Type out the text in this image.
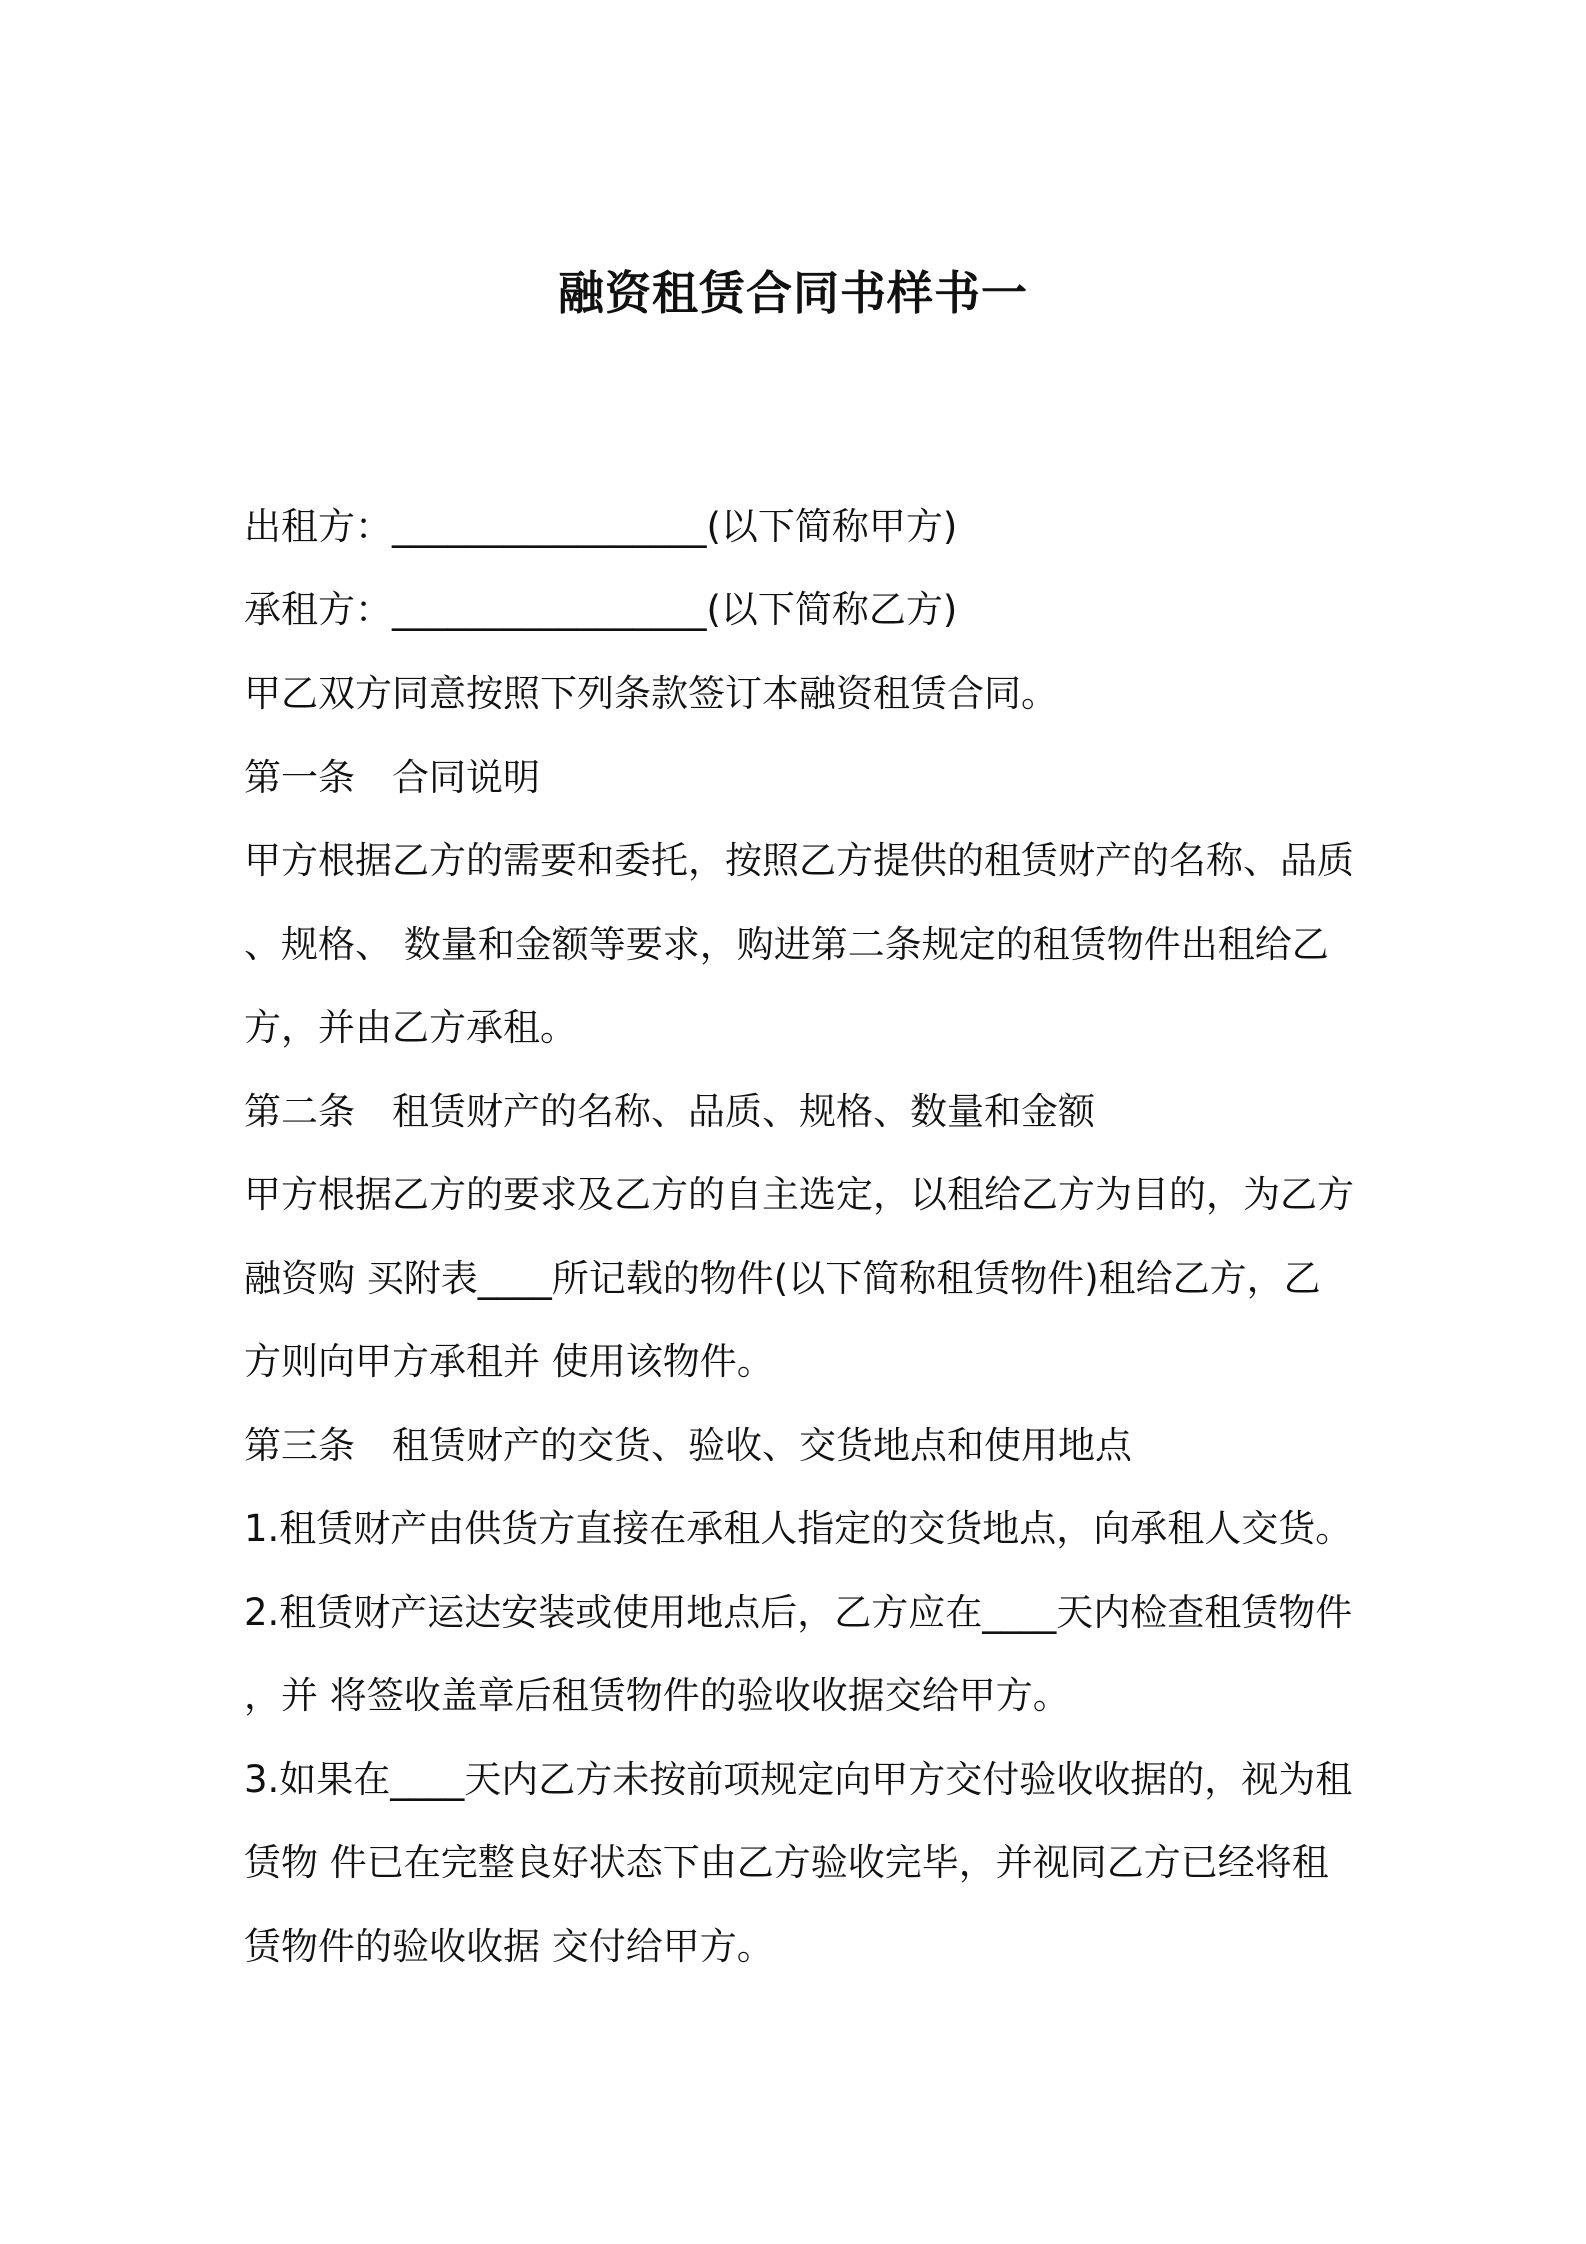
融资租赁合同书样书一
出租方：_________________(以下简称甲方)
承租方：_________________(以下简称乙方)
甲乙双方同意按照下列条款签订本融资租赁合同。
第一条　合同说明
甲方根据乙方的需要和委托，按照乙方提供的租赁财产的名称、品质
、规格、 数量和金额等要求，购进第二条规定的租赁物件出租给乙
方，并由乙方承租。
第二条　租赁财产的名称、品质、规格、数量和金额
甲方根据乙方的要求及乙方的自主选定，以租给乙方为目的，为乙方
融资购 买附表____所记载的物件(以下简称租赁物件)租给乙方，乙
方则向甲方承租并 使用该物件。
第三条　租赁财产的交货、验收、交货地点和使用地点
1.租赁财产由供货方直接在承租人指定的交货地点，向承租人交货。
2.租赁财产运达安装或使用地点后，乙方应在____天内检查租赁物件
，并 将签收盖章后租赁物件的验收收据交给甲方。
3.如果在____天内乙方未按前项规定向甲方交付验收收据的，视为租
赁物 件已在完整良好状态下由乙方验收完毕，并视同乙方已经将租
赁物件的验收收据 交付给甲方。
